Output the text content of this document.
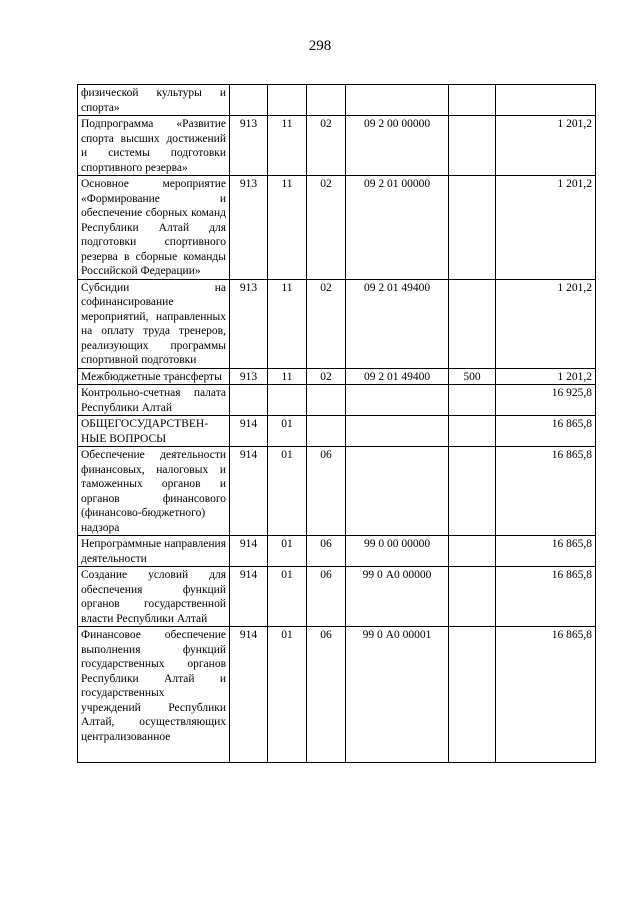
298
физической культуры и спорта»						
Подпрограмма «Развитие спорта высших достижений и системы подготовки спортивного резерва»	913	11	02	09 2 00 00000		1 201,2
Основное мероприятие «Формирование и обеспечение сборных команд Республики Алтай для подготовки спортивного резерва в сборные команды Российской Федерации»	913	11	02	09 2 01 00000		1 201,2
Субсидии на софинансирование мероприятий, направленных на оплату труда тренеров, реализующих программы спортивной подготовки	913	11	02	09 2 01 49400		1 201,2
Межбюджетные трансферты	913	11	02	09 2 01 49400	500	1 201,2
Контрольно-счетная палата Республики Алтай						16 925,8
ОБЩЕГОСУДАРСТВЕННЫЕ ВОПРОСЫ	914	01				16 865,8
Обеспечение деятельности финансовых, налоговых и таможенных органов и органов финансового (финансово-бюджетного) надзора	914	01	06			16 865,8
Непрограммные направления деятельности	914	01	06	99 0 00 00000		16 865,8
Создание условий для обеспечения функций органов государственной власти Республики Алтай	914	01	06	99 0 А0 00000		16 865,8
Финансовое обеспечение выполнения функций государственных органов Республики Алтай и государственных учреждений Республики Алтай, осуществляющих централизованное	914	01	06	99 0 А0 00001		16 865,8
